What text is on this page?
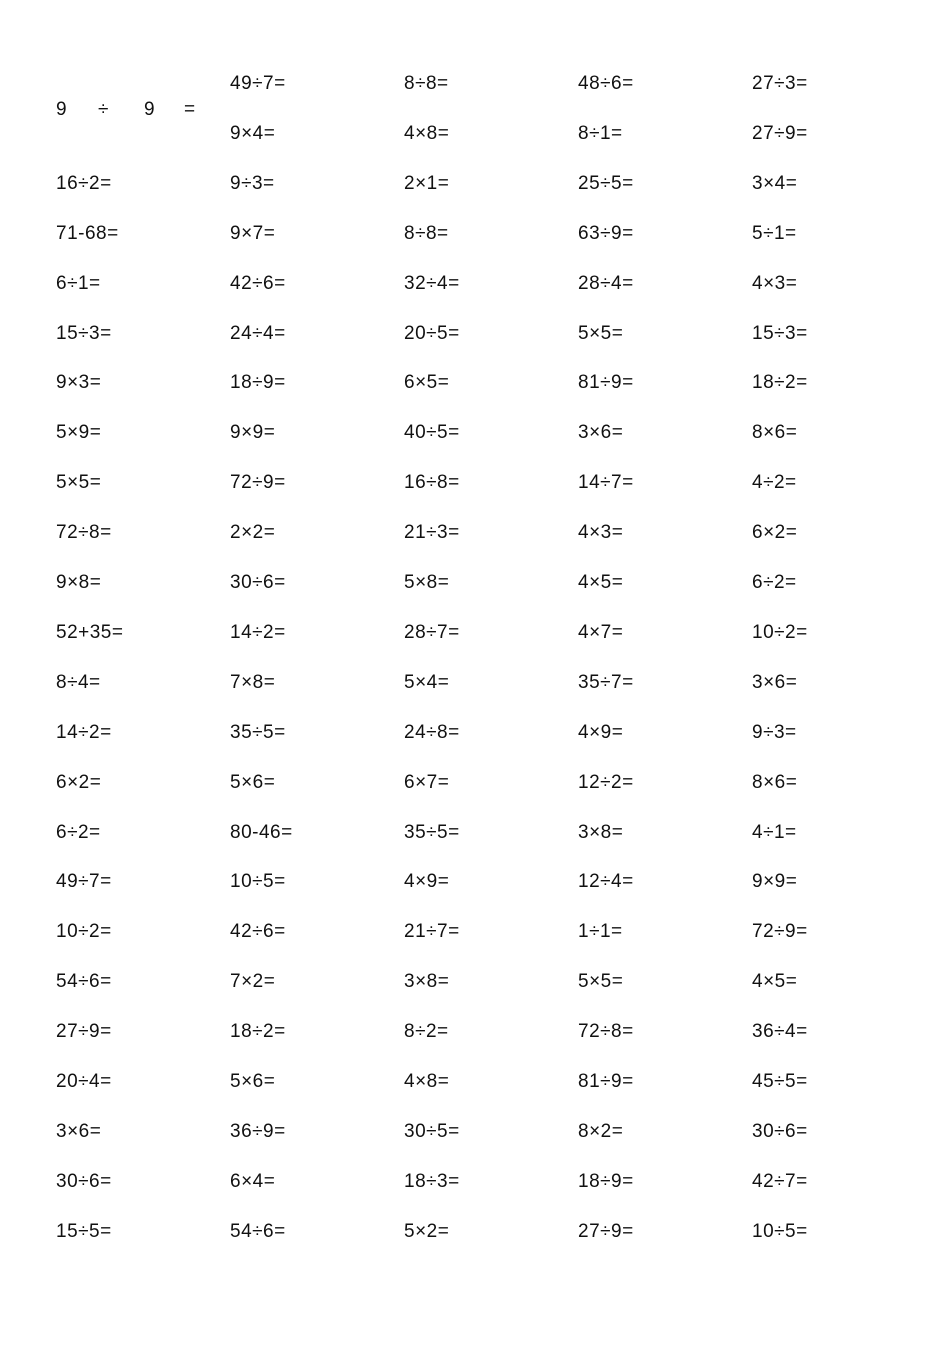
9 ÷ 9 =
16÷2=
71-68=
6÷1=
15÷3=
9×3=
5×9=
5×5=
72÷8=
9×8=
52+35=
8÷4=
14÷2=
6×2=
6÷2=
49÷7=
10÷2=
54÷6=
27÷9=
20÷4=
3×6=
30÷6=
15÷5=
49÷7=
9×4=
9÷3=
9×7=
42÷6=
24÷4=
18÷9=
9×9=
72÷9=
2×2=
30÷6=
14÷2=
7×8=
35÷5=
5×6=
80-46=
10÷5=
42÷6=
7×2=
18÷2=
5×6=
36÷9=
6×4=
54÷6=
8÷8=
4×8=
2×1=
8÷8=
32÷4=
20÷5=
6×5=
40÷5=
16÷8=
21÷3=
5×8=
28÷7=
5×4=
24÷8=
6×7=
35÷5=
4×9=
21÷7=
3×8=
8÷2=
4×8=
30÷5=
18÷3=
5×2=
48÷6=
8÷1=
25÷5=
63÷9=
28÷4=
5×5=
81÷9=
3×6=
14÷7=
4×3=
4×5=
4×7=
35÷7=
4×9=
12÷2=
3×8=
12÷4=
1÷1=
5×5=
72÷8=
81÷9=
8×2=
18÷9=
27÷9=
27÷3=
27÷9=
3×4=
5÷1=
4×3=
15÷3=
18÷2=
8×6=
4÷2=
6×2=
6÷2=
10÷2=
3×6=
9÷3=
8×6=
4÷1=
9×9=
72÷9=
4×5=
36÷4=
45÷5=
30÷6=
42÷7=
10÷5=
